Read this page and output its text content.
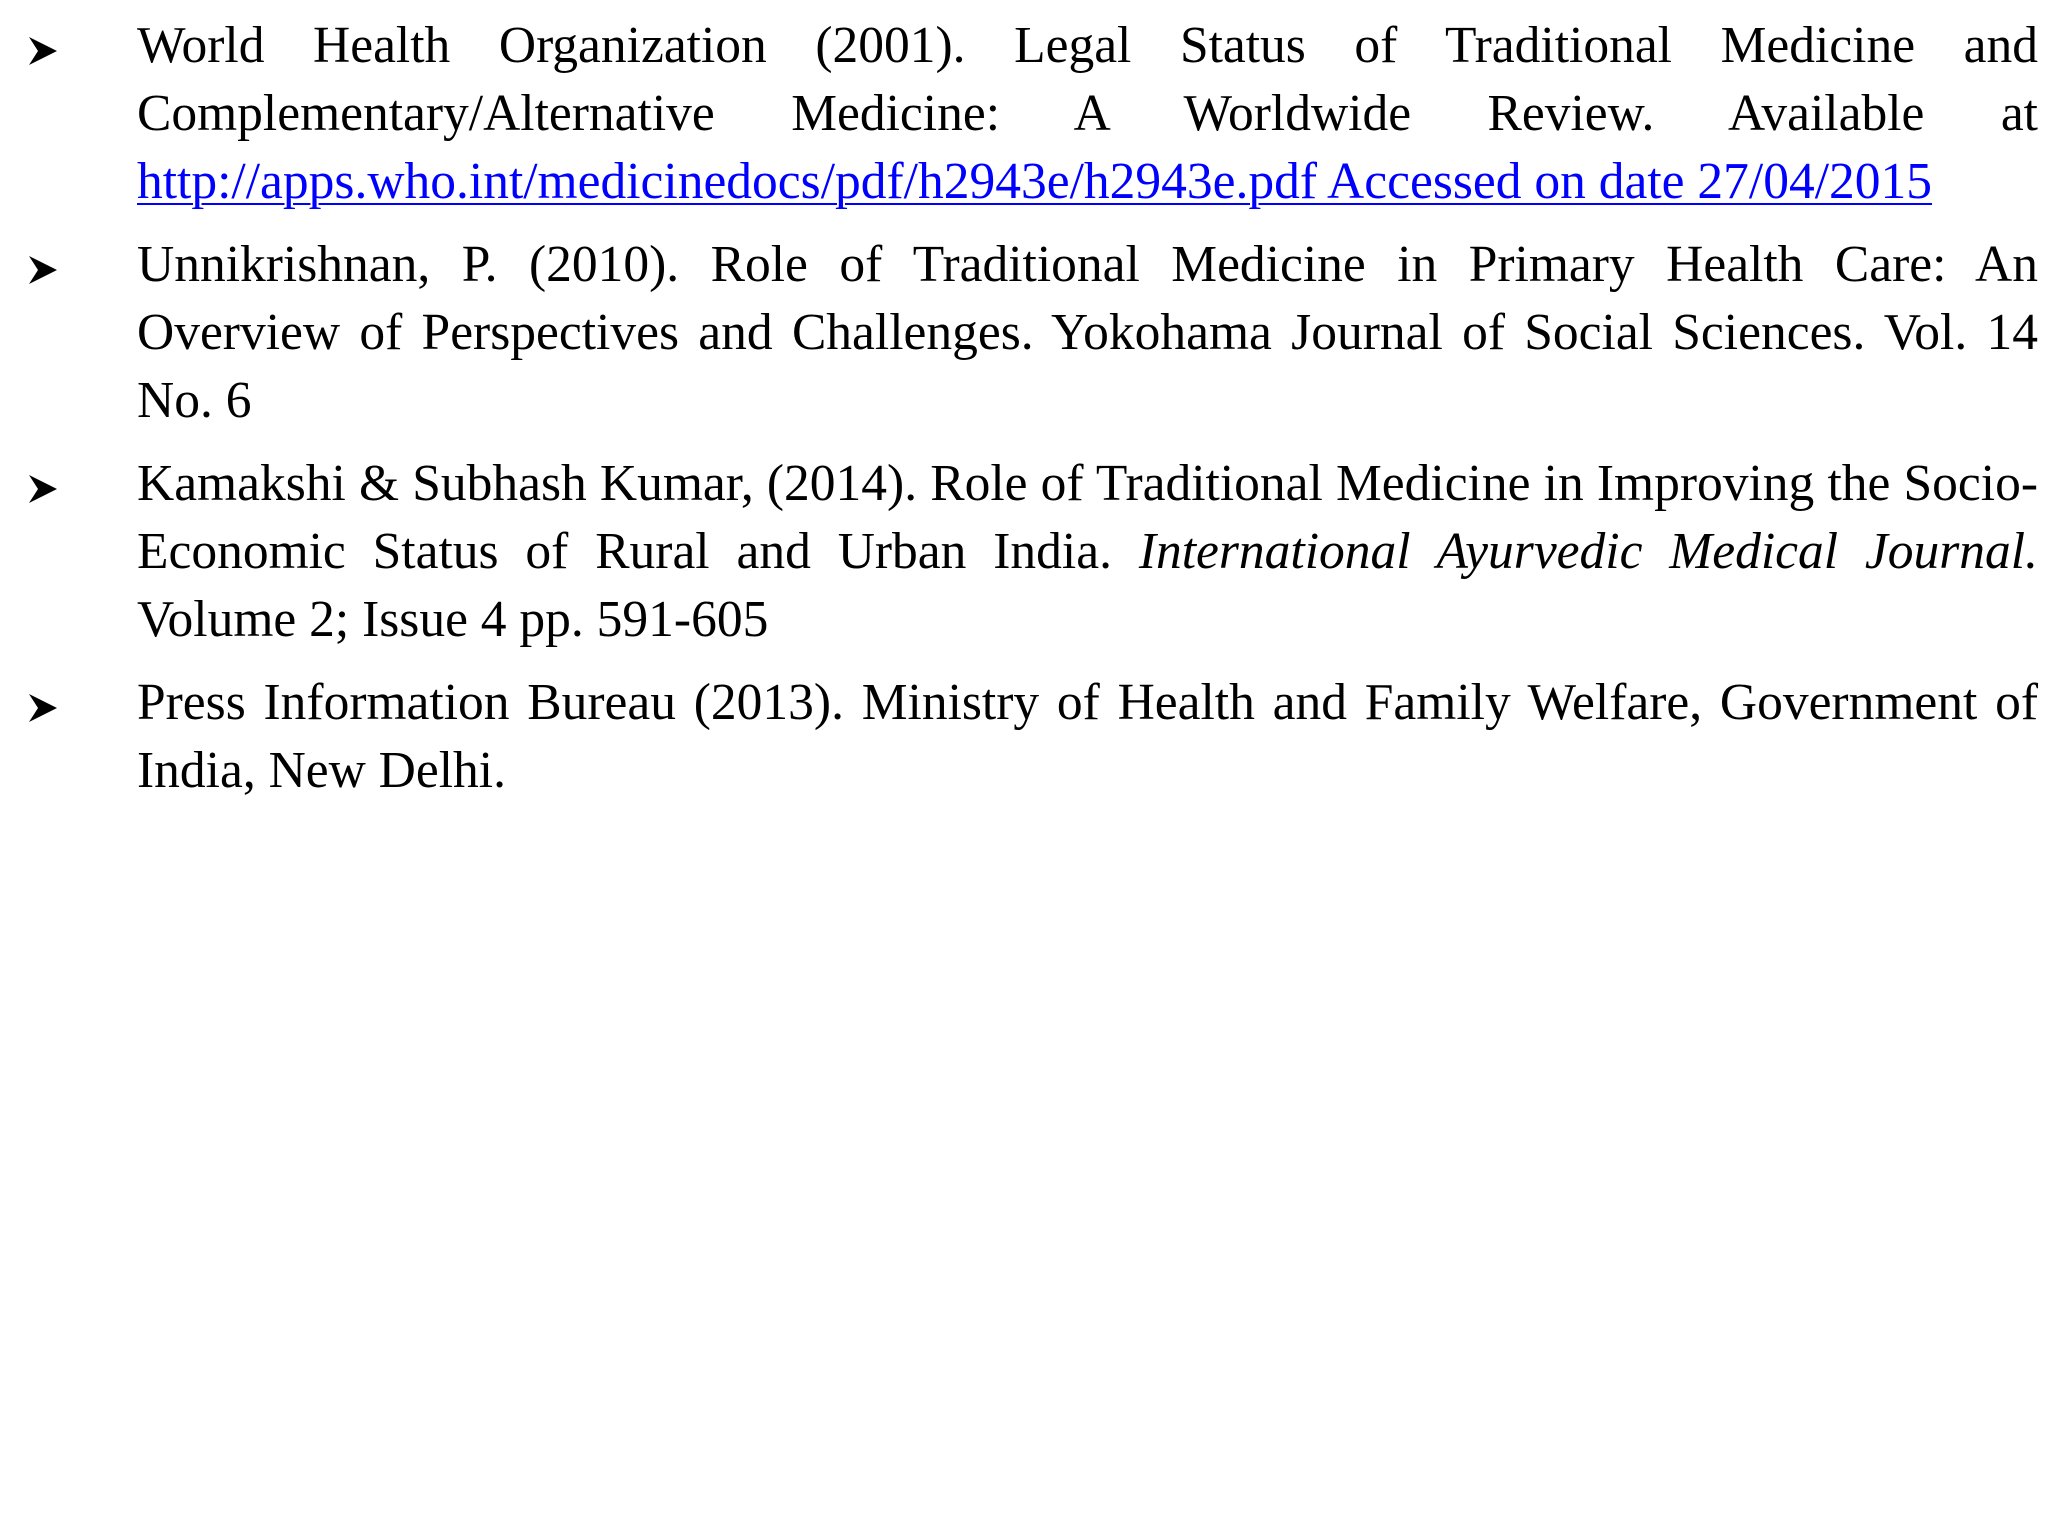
World Health Organization (2001). Legal Status of Traditional Medicine and Complementary/Alternative Medicine: A Worldwide Review. Available at http://apps.who.int/medicinedocs/pdf/h2943e/h2943e.pdf Accessed on date 27/04/2015
Unnikrishnan, P. (2010). Role of Traditional Medicine in Primary Health Care: An Overview of Perspectives and Challenges. Yokohama Journal of Social Sciences. Vol. 14 No. 6
Kamakshi & Subhash Kumar, (2014). Role of Traditional Medicine in Improving the Socio-Economic Status of Rural and Urban India. International Ayurvedic Medical Journal. Volume 2; Issue 4 pp. 591-605
Press Information Bureau (2013). Ministry of Health and Family Welfare, Government of India, New Delhi.
